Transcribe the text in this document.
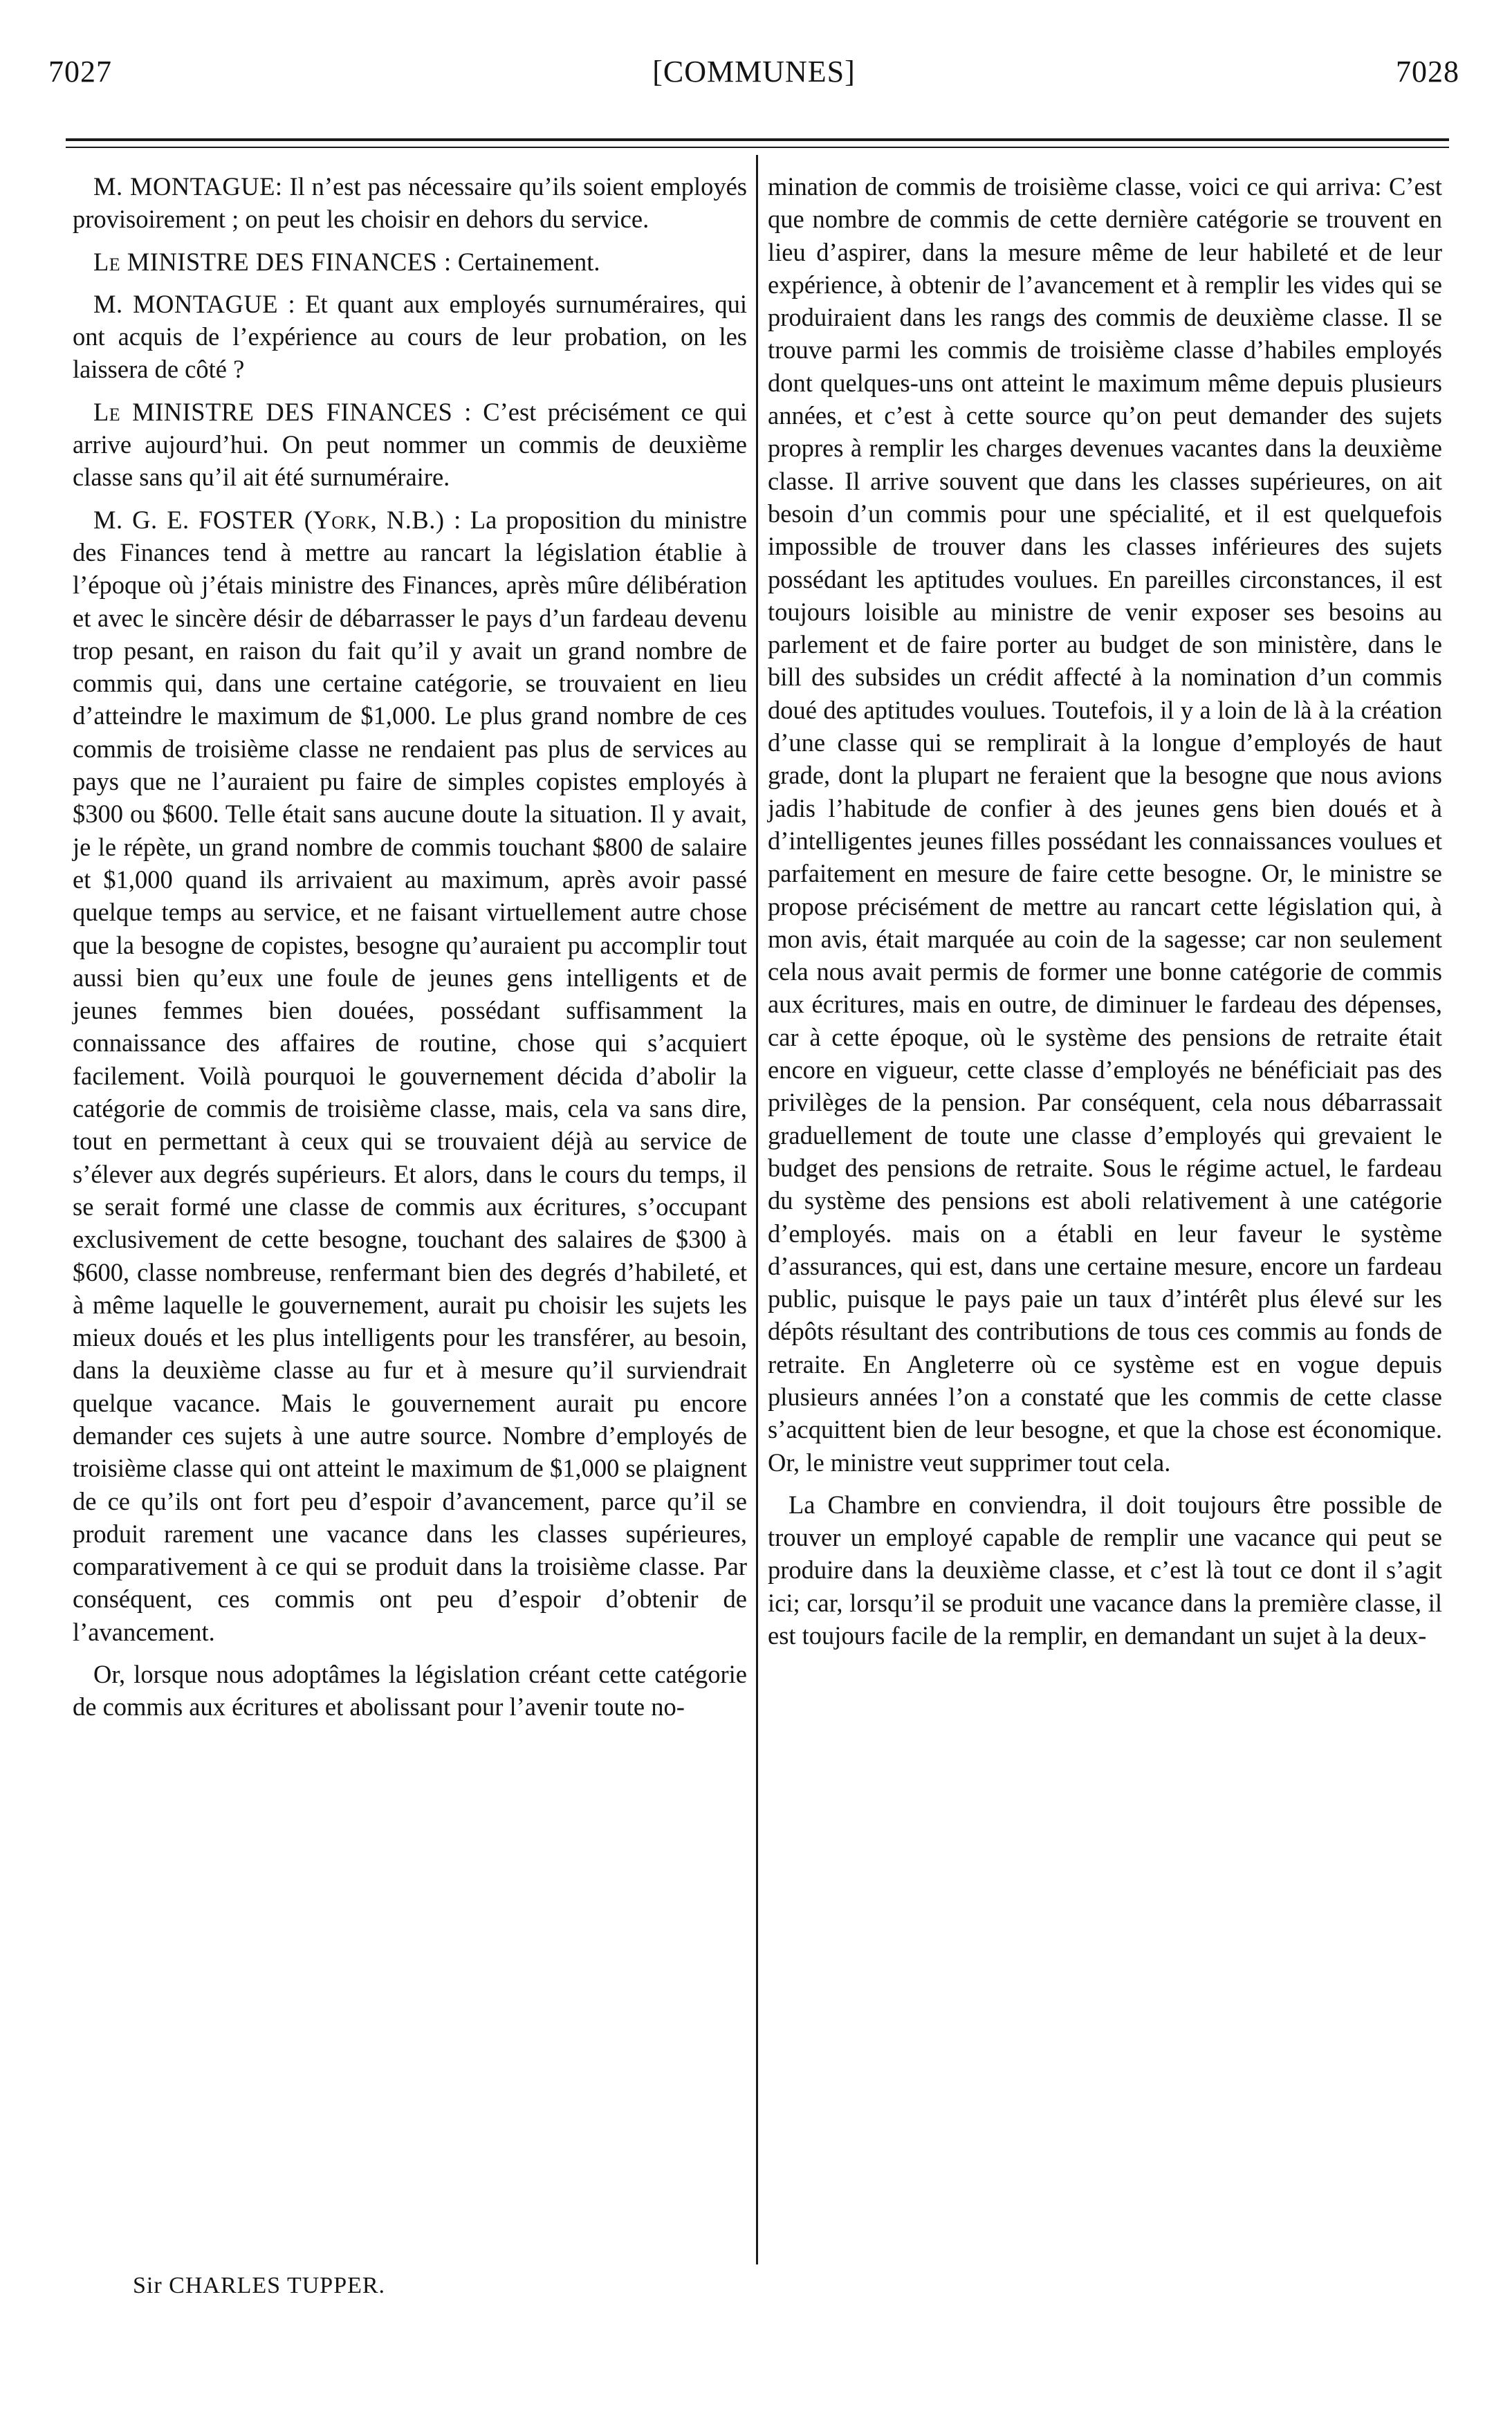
7027	[COMMUNES]	7028

M. MONTAGUE: Il n’est pas nécessaire qu’ils soient employés provisoirement ; on peut les choisir en dehors du service.

Le MINISTRE DES FINANCES : Certainement.

M. MONTAGUE : Et quant aux employés surnuméraires, qui ont acquis de l’expérience au cours de leur probation, on les laissera de côté ?

Le MINISTRE DES FINANCES : C’est précisément ce qui arrive aujourd’hui. On peut nommer un commis de deuxième classe sans qu’il ait été surnuméraire.

M. G. E. FOSTER (York, N.B.) : La proposition du ministre des Finances tend à mettre au rancart la législation établie à l’époque où j’étais ministre des Finances, après mûre délibération et avec le sincère désir de débarrasser le pays d’un fardeau devenu trop pesant, en raison du fait qu’il y avait un grand nombre de commis qui, dans une certaine catégorie, se trouvaient en lieu d’atteindre le maximum de $1,000. Le plus grand nombre de ces commis de troisième classe ne rendaient pas plus de services au pays que ne l’auraient pu faire de simples copistes employés à $300 ou $600. Telle était sans aucune doute la situation. Il y avait, je le répète, un grand nombre de commis touchant $800 de salaire et $1,000 quand ils arrivaient au maximum, après avoir passé quelque temps au service, et ne faisant virtuellement autre chose que la besogne de copistes, besogne qu’auraient pu accomplir tout aussi bien qu’eux une foule de jeunes gens intelligents et de jeunes femmes bien douées, possédant suffisamment la connaissance des affaires de routine, chose qui s’acquiert facilement. Voilà pourquoi le gouvernement décida d’abolir la catégorie de commis de troisième classe, mais, cela va sans dire, tout en permettant à ceux qui se trouvaient déjà au service de s’élever aux degrés supérieurs. Et alors, dans le cours du temps, il se serait formé une classe de commis aux écritures, s’occupant exclusivement de cette besogne, touchant des salaires de $300 à $600, classe nombreuse, renfermant bien des degrés d’habileté, et à même laquelle le gouvernement, aurait pu choisir les sujets les mieux doués et les plus intelligents pour les transférer, au besoin, dans la deuxième classe au fur et à mesure qu’il surviendrait quelque vacance. Mais le gouvernement aurait pu encore demander ces sujets à une autre source. Nombre d’employés de troisième classe qui ont atteint le maximum de $1,000 se plaignent de ce qu’ils ont fort peu d’espoir d’avancement, parce qu’il se produit rarement une vacance dans les classes supérieures, comparativement à ce qui se produit dans la troisième classe. Par conséquent, ces commis ont peu d’espoir d’obtenir de l’avancement.

Or, lorsque nous adoptâmes la législation créant cette catégorie de commis aux écritures et abolissant pour l’avenir toute no-

mination de commis de troisième classe, voici ce qui arriva: C’est que nombre de commis de cette dernière catégorie se trouvent en lieu d’aspirer, dans la mesure même de leur habileté et de leur expérience, à obtenir de l’avancement et à remplir les vides qui se produiraient dans les rangs des commis de deuxième classe. Il se trouve parmi les commis de troisième classe d’habiles employés dont quelques-uns ont atteint le maximum même depuis plusieurs années, et c’est à cette source qu’on peut demander des sujets propres à remplir les charges devenues vacantes dans la deuxième classe. Il arrive souvent que dans les classes supérieures, on ait besoin d’un commis pour une spécialité, et il est quelquefois impossible de trouver dans les classes inférieures des sujets possédant les aptitudes voulues. En pareilles circonstances, il est toujours loisible au ministre de venir exposer ses besoins au parlement et de faire porter au budget de son ministère, dans le bill des subsides un crédit affecté à la nomination d’un commis doué des aptitudes voulues. Toutefois, il y a loin de là à la création d’une classe qui se remplirait à la longue d’employés de haut grade, dont la plupart ne feraient que la besogne que nous avions jadis l’habitude de confier à des jeunes gens bien doués et à d’intelligentes jeunes filles possédant les connaissances voulues et parfaitement en mesure de faire cette besogne. Or, le ministre se propose précisément de mettre au rancart cette législation qui, à mon avis, était marquée au coin de la sagesse; car non seulement cela nous avait permis de former une bonne catégorie de commis aux écritures, mais en outre, de diminuer le fardeau des dépenses, car à cette époque, où le système des pensions de retraite était encore en vigueur, cette classe d’employés ne bénéficiait pas des privilèges de la pension. Par conséquent, cela nous débarrassait graduellement de toute une classe d’employés qui grevaient le budget des pensions de retraite. Sous le régime actuel, le fardeau du système des pensions est aboli relativement à une catégorie d’employés. mais on a établi en leur faveur le système d’assurances, qui est, dans une certaine mesure, encore un fardeau public, puisque le pays paie un taux d’intérêt plus élevé sur les dépôts résultant des contributions de tous ces commis au fonds de retraite. En Angleterre où ce système est en vogue depuis plusieurs années l’on a constaté que les commis de cette classe s’acquittent bien de leur besogne, et que la chose est économique. Or, le ministre veut supprimer tout cela.

La Chambre en conviendra, il doit toujours être possible de trouver un employé capable de remplir une vacance qui peut se produire dans la deuxième classe, et c’est là tout ce dont il s’agit ici; car, lorsqu’il se produit une vacance dans la première classe, il est toujours facile de la remplir, en demandant un sujet à la deux-

Sir CHARLES TUPPER.
